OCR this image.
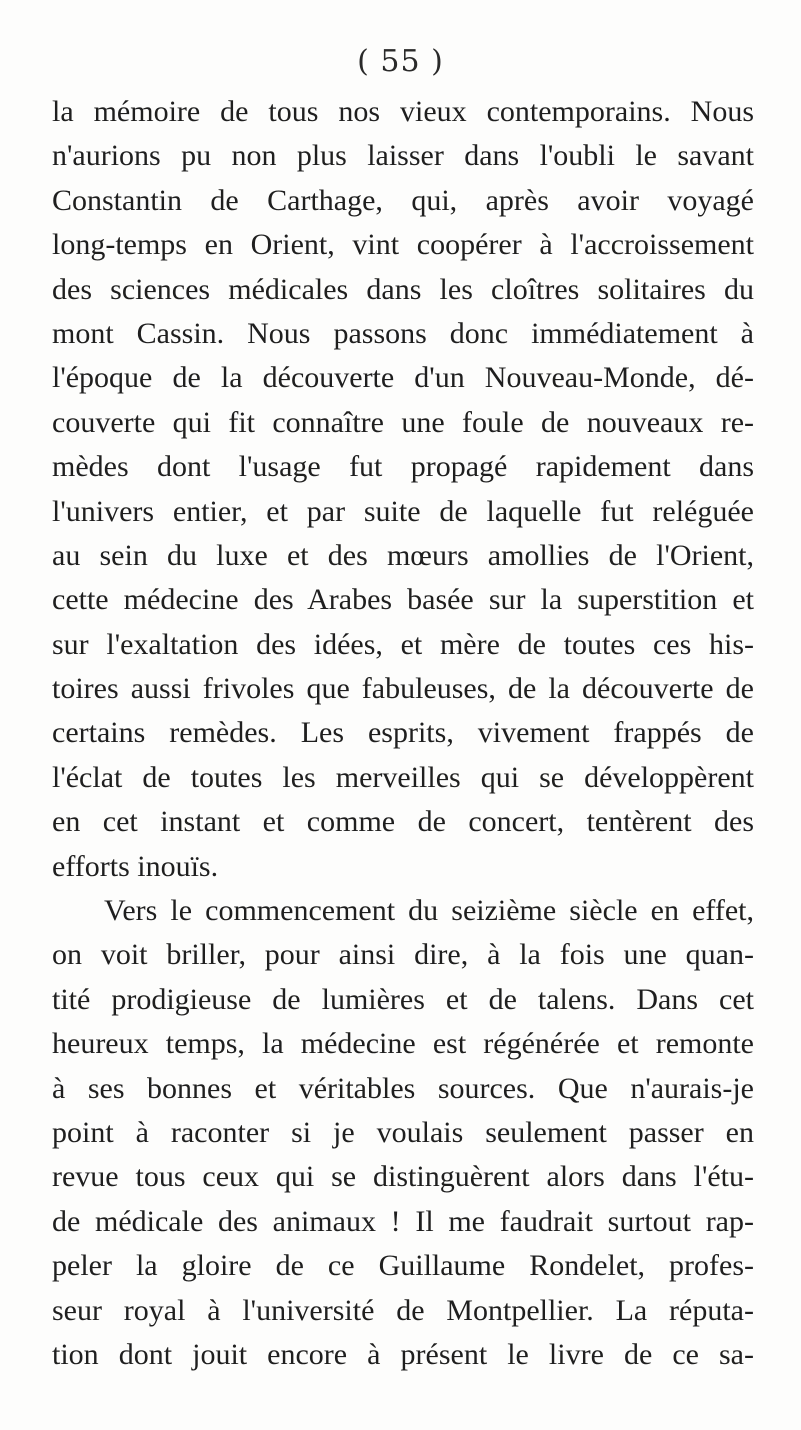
( 55 )
la mémoire de tous nos vieux contemporains. Nous
n'aurions pu non plus laisser dans l'oubli le savant
Constantin de Carthage, qui, après avoir voyagé
long-temps en Orient, vint coopérer à l'accroissement
des sciences médicales dans les cloîtres solitaires du
mont Cassin. Nous passons donc immédiatement à
l'époque de la découverte d'un Nouveau-Monde, dé-
couverte qui fit connaître une foule de nouveaux re-
mèdes dont l'usage fut propagé rapidement dans
l'univers entier, et par suite de laquelle fut reléguée
au sein du luxe et des mœurs amollies de l'Orient,
cette médecine des Arabes basée sur la superstition et
sur l'exaltation des idées, et mère de toutes ces his-
toires aussi frivoles que fabuleuses, de la découverte de
certains remèdes. Les esprits, vivement frappés de
l'éclat de toutes les merveilles qui se développèrent
en cet instant et comme de concert, tentèrent des
efforts inouïs.
Vers le commencement du seizième siècle en effet,
on voit briller, pour ainsi dire, à la fois une quan-
tité prodigieuse de lumières et de talens. Dans cet
heureux temps, la médecine est régénérée et remonte
à ses bonnes et véritables sources. Que n'aurais-je
point à raconter si je voulais seulement passer en
revue tous ceux qui se distinguèrent alors dans l'étu-
de médicale des animaux ! Il me faudrait surtout rap-
peler la gloire de ce Guillaume Rondelet, profes-
seur royal à l'université de Montpellier. La réputa-
tion dont jouit encore à présent le livre de ce sa-
